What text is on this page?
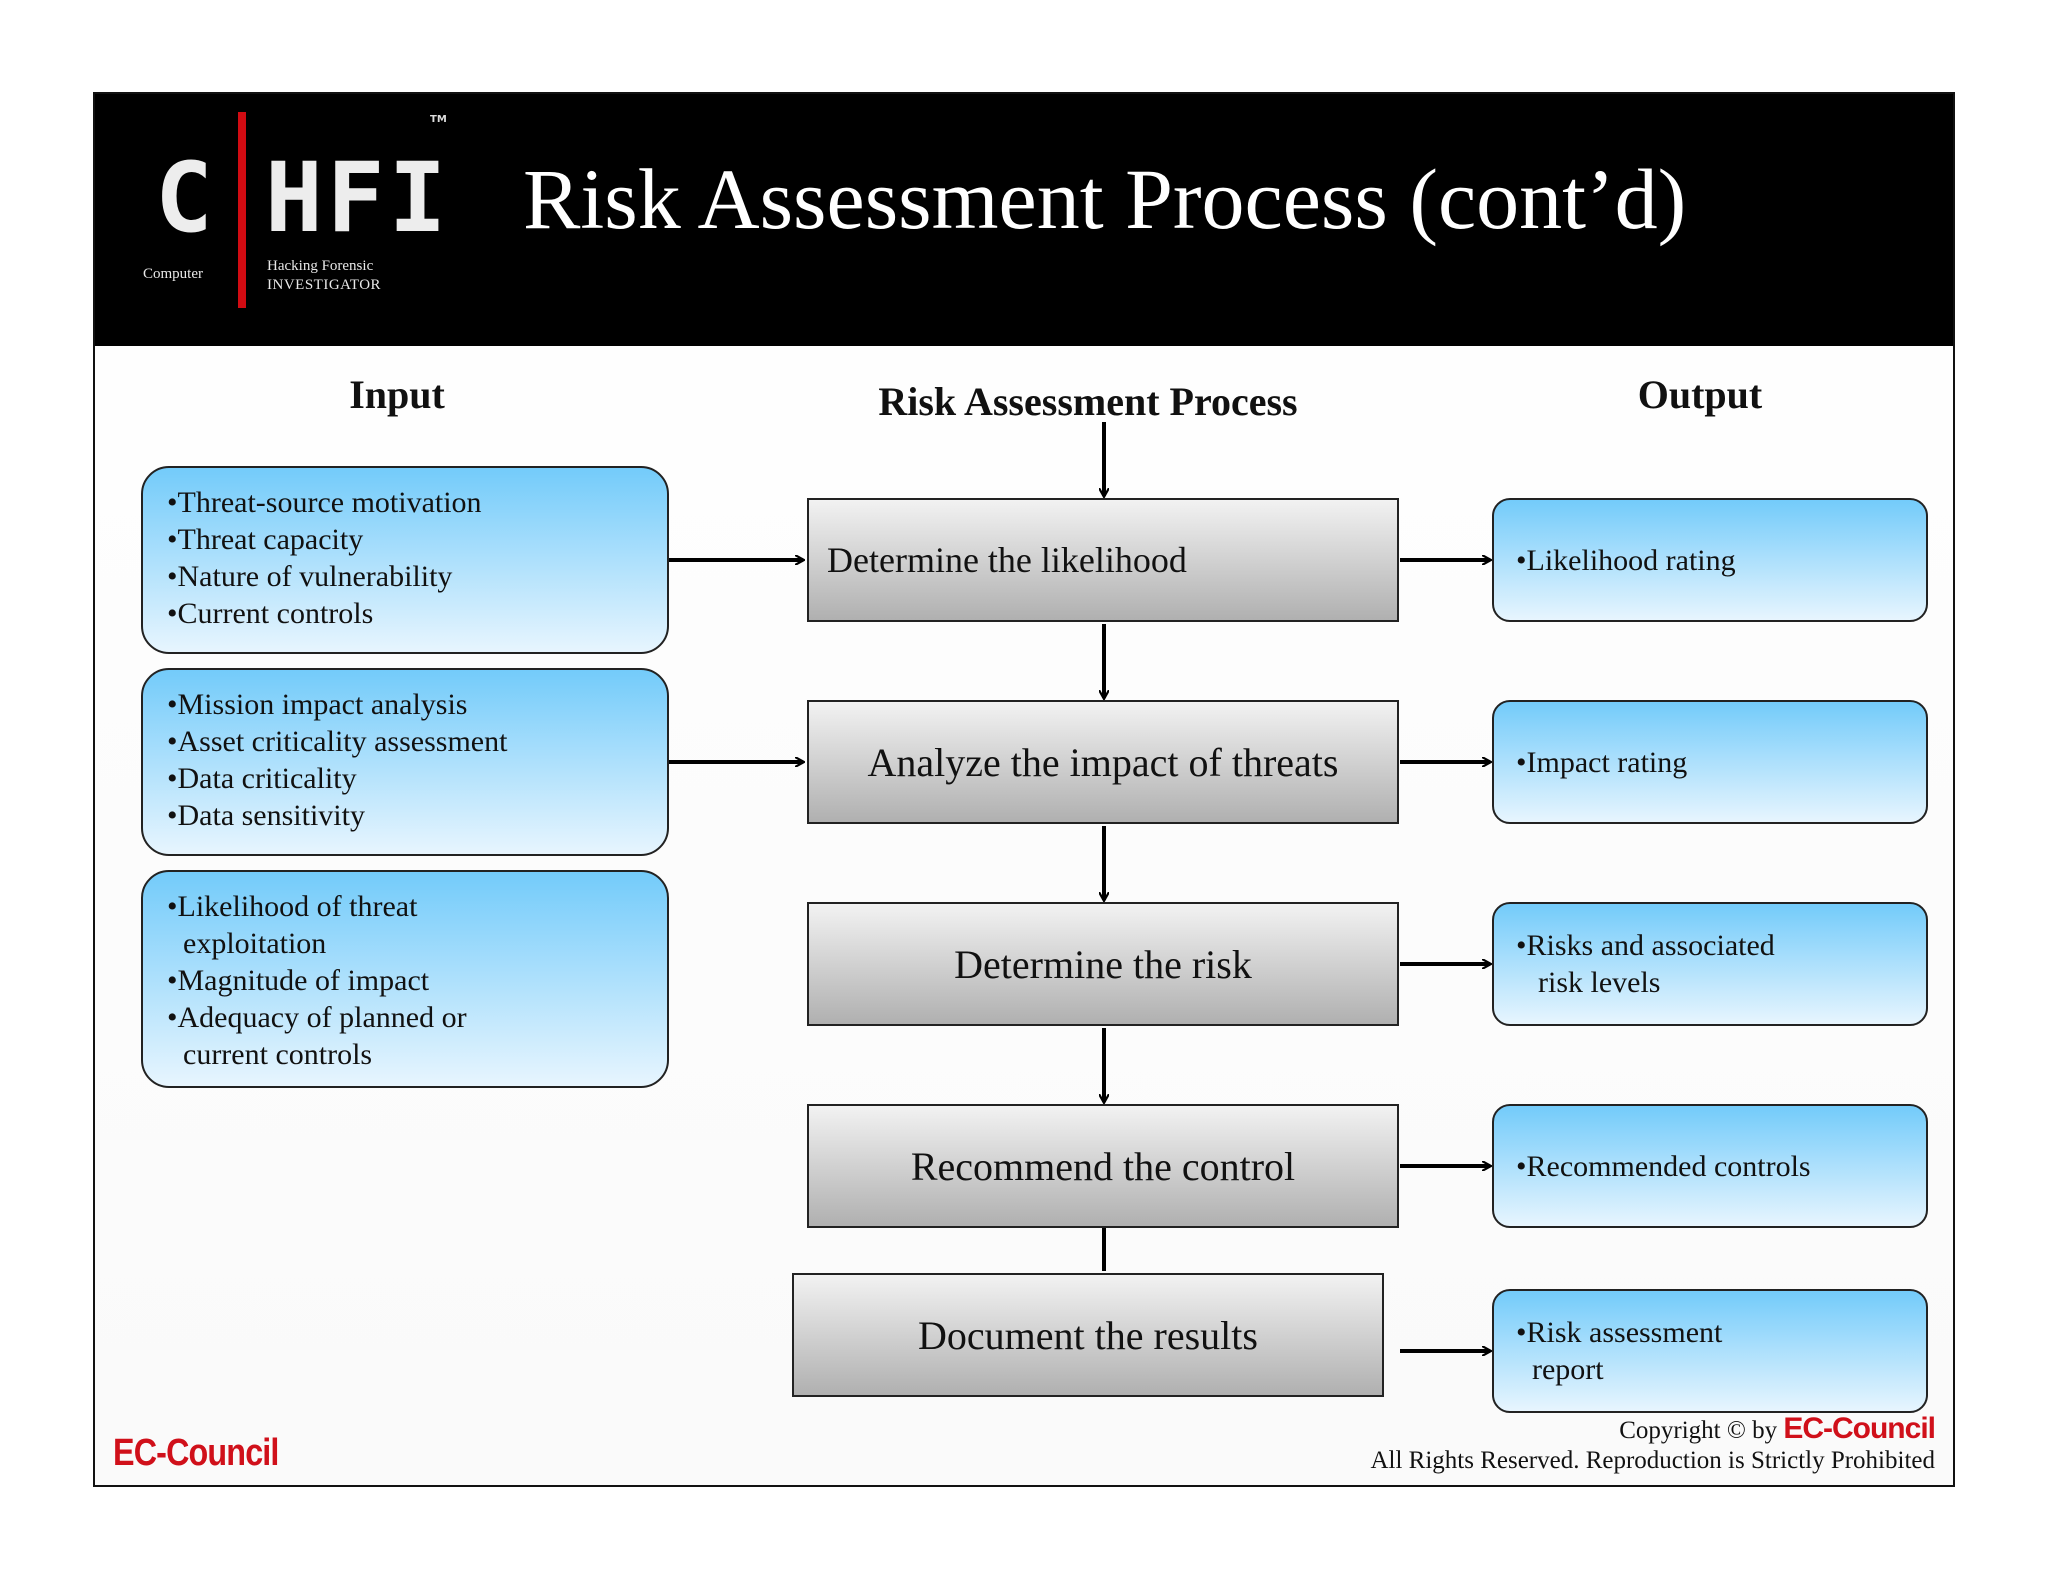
TM
C HFI
Computer	Hacking Forensic
INVESTIGATOR
Risk Assessment Process (cont’d)
Input	Risk Assessment Process	Output
•Threat-source motivation
•Threat capacity
•Nature of vulnerability
•Current controls
•Mission impact analysis
•Asset criticality assessment
•Data criticality
•Data sensitivity
•Likelihood of threat
exploitation
•Magnitude of impact
•Adequacy of planned or
current controls
Determine the likelihood
Analyze the impact of threats
Determine the risk
Recommend the control
Document the results
•Likelihood rating
•Impact rating
•Risks and associated
risk levels
•Recommended controls
•Risk assessment
report
EC-Council
Copyright © by EC-Council
All Rights Reserved. Reproduction is Strictly Prohibited
